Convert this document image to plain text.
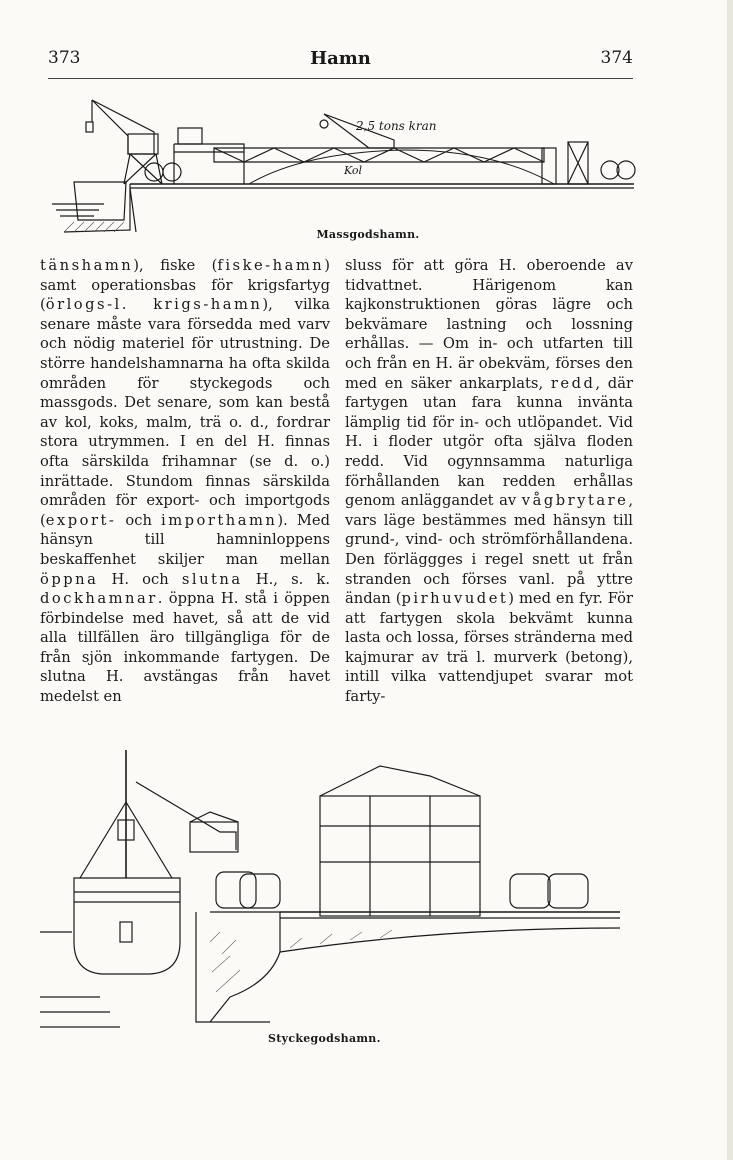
373	Hamn	374
2,5 tons kran
Kol
Massgodshamn.

tänshamn), fiske (fiske-hamn) samt operationsbas för krigsfartyg (örlogs-l. krigs-hamn), vilka senare måste vara försedda med varv och nödig materiel för utrustning. De större handelshamnarna ha ofta skilda områden för styckegods och massgods. Det senare, som kan bestå av kol, koks, malm, trä o. d., fordrar stora utrymmen. I en del H. finnas ofta särskilda frihamnar (se d. o.) inrättade. Stundom finnas särskilda områden för export- och importgods (export- och importhamn). Med hänsyn till hamninloppens beskaffenhet skiljer man mellan öppna H. och slutna H., s. k. dockhamnar. öppna H. stå i öppen förbindelse med havet, så att de vid alla tillfällen äro tillgängliga för de från sjön inkommande fartygen. De slutna H. avstängas från havet medelst en

sluss för att göra H. oberoende av tidvattnet. Härigenom kan kajkonstruktionen göras lägre och bekvämare lastning och lossning erhållas. — Om in- och utfarten till och från en H. är obekväm, förses den med en säker ankarplats, redd, där fartygen utan fara kunna invänta lämplig tid för in- och utlöpandet. Vid H. i floder utgör ofta själva floden redd. Vid ogynnsamma naturliga förhållanden kan redden erhållas genom anläggandet av vågbrytare, vars läge bestämmes med hänsyn till grund-, vind- och strömförhållandena. Den förläggges i regel snett ut från stranden och förses vanl. på yttre ändan (pirhuvudet) med en fyr. För att fartygen skola bekvämt kunna lasta och lossa, förses stränderna med kajmurar av trä l. murverk (betong), intill vilka vattendjupet svarar mot farty-

Styckegodshamn.
